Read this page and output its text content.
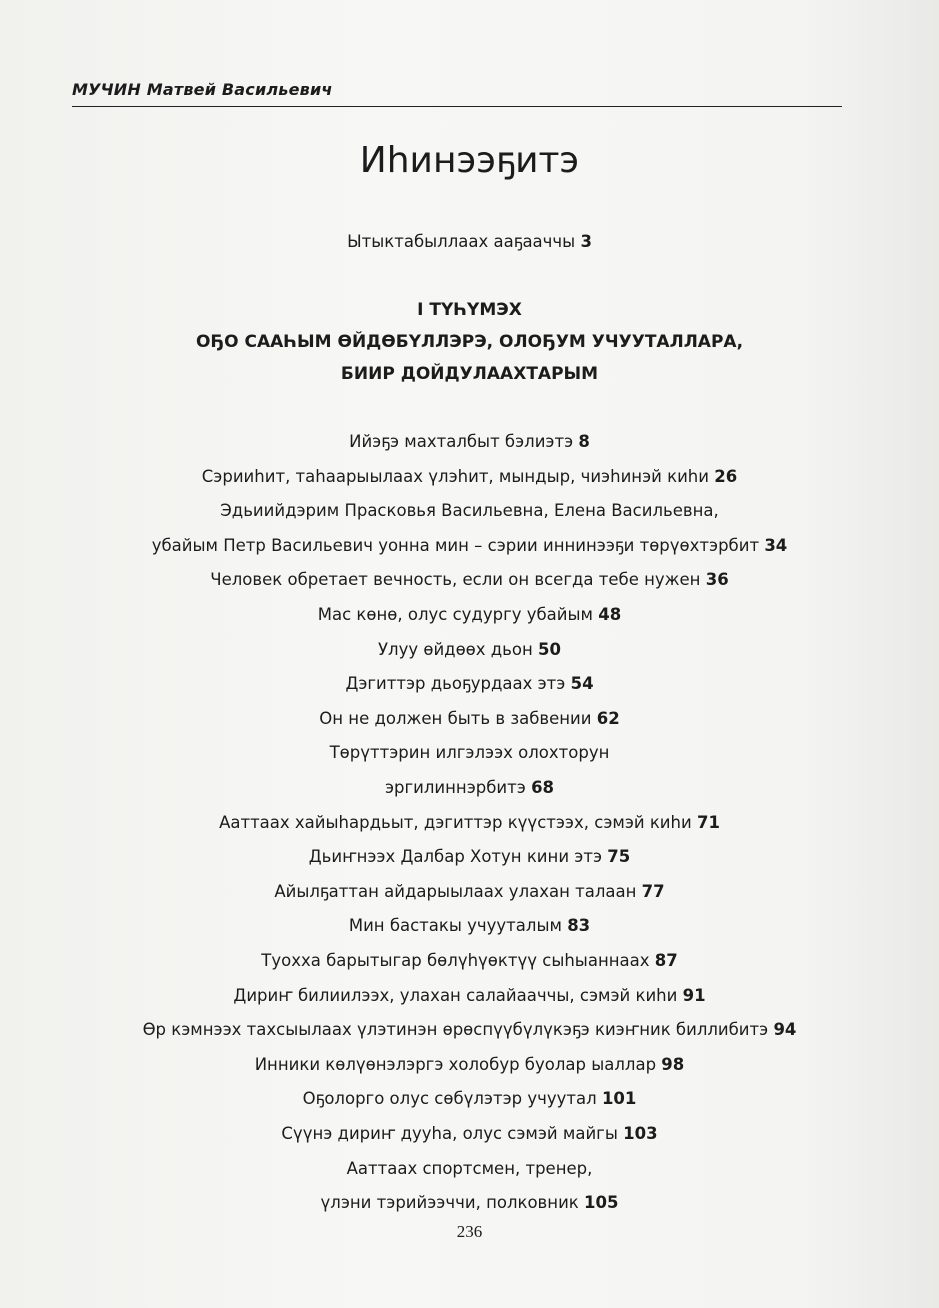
МУЧИН Матвей Васильевич
Иhинээҕитэ
Ытыктабыллаах ааҕааччы 3
I ТҮҺҮМЭХ
ОҔО СААҺЫМ ӨЙДӨБҮЛЛЭРЭ, ОЛОҔУМ УЧУУТАЛЛАРА,
БИИР ДОЙДУЛААХТАРЫМ
Ийэҕэ махталбыт бэлиэтэ 8
Сэрииhит, таhаарыылаах үлэhит, мындыр, чиэhинэй киhи 26
Эдьиийдэрим Прасковья Васильевна, Елена Васильевна,
убайым Петр Васильевич уонна мин – сэрии иннинээҕи төрүөхтэрбит 34
Человек обретает вечность, если он всегда тебе нужен 36
Мас көнө, олус судургу убайым 48
Улуу өйдөөх дьон 50
Дэгиттэр дьоҕурдаах этэ 54
Он не должен быть в забвении 62
Төрүттэрин илгэлээх олохторун
эргилиннэрбитэ 68
Ааттаах хайыhардьыт, дэгиттэр күүстээх, сэмэй киhи 71
Дьиҥнээх Далбар Хотун кини этэ 75
Айылҕаттан айдарыылаах улахан талаан 77
Мин бастакы учууталым 83
Туохха барытыгар бөлүhүөктүү сыhыаннаах 87
Дириҥ билиилээх, улахан салайааччы, сэмэй киhи 91
Өр кэмнээх тахсыылаах үлэтинэн өрөспүүбүлүкэҕэ киэҥник биллибитэ 94
Инники көлүөнэлэргэ холобур буолар ыаллар 98
Оҕолорго олус сөбүлэтэр учуутал 101
Сүүнэ дириҥ дууhа, олус сэмэй майгы 103
Ааттаах спортсмен, тренер,
үлэни тэрийээччи, полковник 105
236
